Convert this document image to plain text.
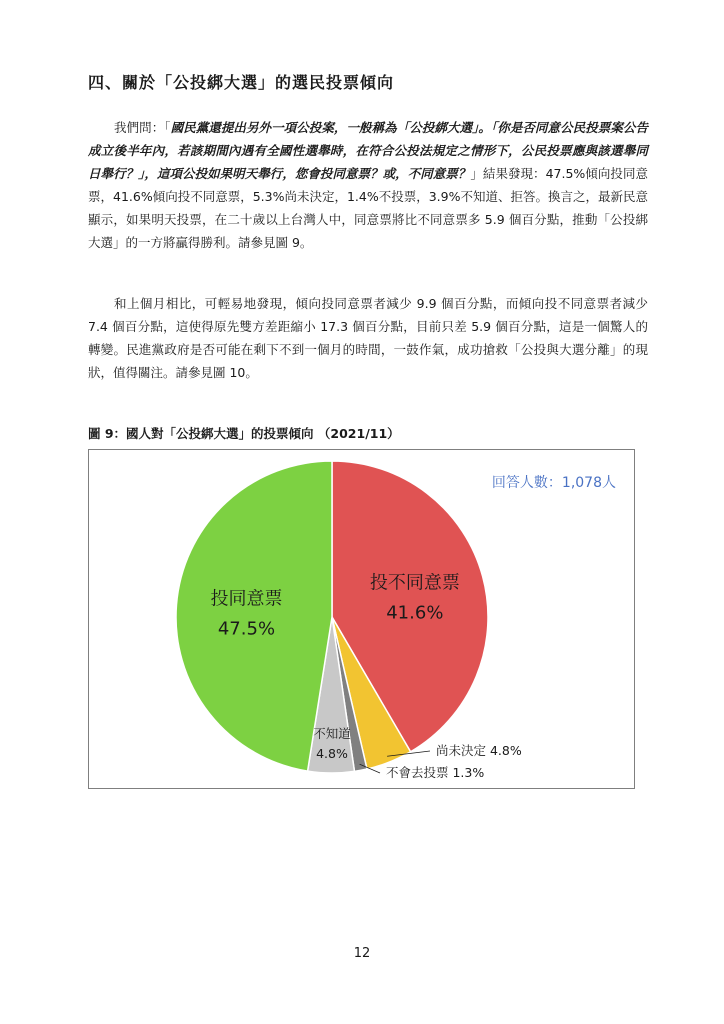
四、關於「公投綁大選」的選民投票傾向
我們問：「國民黨還提出另外一項公投案，一般稱為「公投綁大選」。「你是否同意公民投票案公告成立後半年內，若該期間內遇有全國性選舉時，在符合公投法規定之情形下，公民投票應與該選舉同日舉行？」，這項公投如果明天舉行，您會投同意票？或，不同意票？」結果發現：47.5%傾向投同意票，41.6%傾向投不同意票，5.3%尚未決定，1.4%不投票，3.9%不知道、拒答。換言之，最新民意顯示，如果明天投票，在二十歲以上台灣人中，同意票將比不同意票多 5.9 個百分點，推動「公投綁大選」的一方將贏得勝利。請參見圖 9。
和上個月相比，可輕易地發現，傾向投同意票者減少 9.9 個百分點，而傾向投不同意票者減少 7.4 個百分點，這使得原先雙方差距縮小 17.3 個百分點，目前只差 5.9 個百分點，這是一個驚人的轉變。民進黨政府是否可能在剩下不到一個月的時間，一鼓作氣，成功搶救「公投與大選分離」的現狀，值得關注。請參見圖 10。
圖 9：國人對「公投綁大選」的投票傾向 （2021/11）
回答人數：1,078人
投不同意票
41.6%
投同意票
47.5%
尚未決定 4.8%
不會去投票 1.3%
不知道
4.8%
12
